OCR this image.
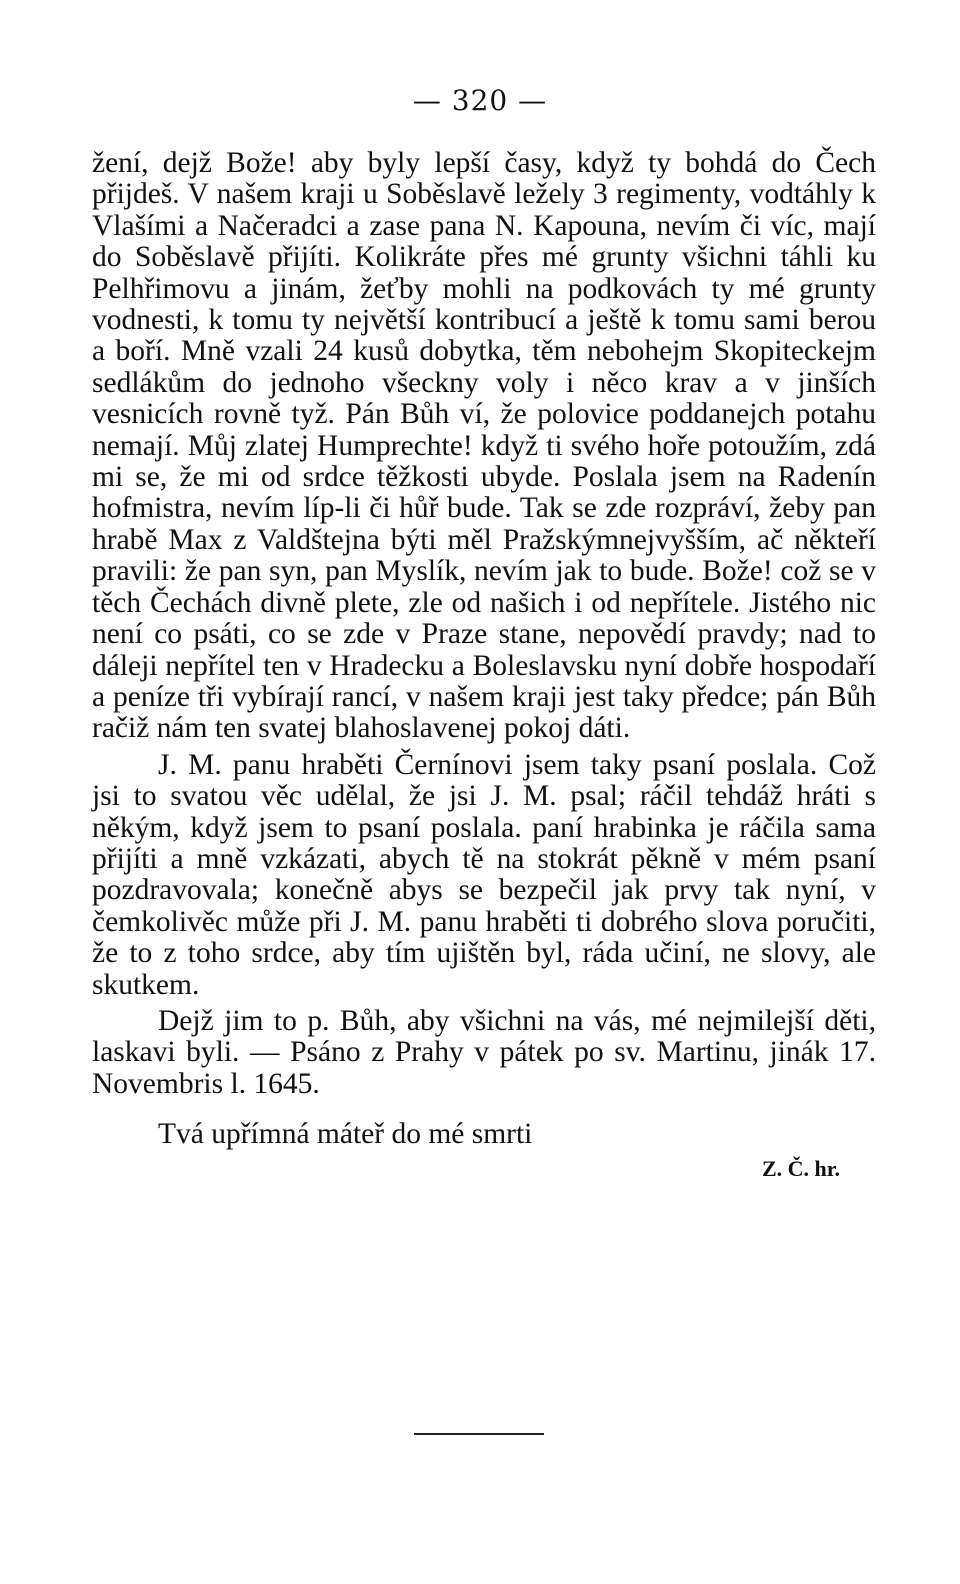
— 320 —

žení, dejž Bože! aby byly lepší časy, když ty bohdá do Čech přijdeš. V našem kraji u Soběslavě ležely 3 regimenty, vodtáhly k Vlašími a Načeradci a zase pana N. Kapouna, nevím či víc, mají do Soběslavě přijíti. Kolikráte přes mé grunty všichni táhli ku Pelhřimovu a jinám, žeťby mohli na podkovách ty mé grunty vodnesti, k tomu ty největší kontribucí a ještě k tomu sami berou a boří. Mně vzali 24 kusů dobytka, těm nebohejm Skopiteckejm sedlákům do jednoho všeckny voly i něco krav a v jinších vesnicích rovně tyž. Pán Bůh ví, že polovice poddanejch potahu nemají. Můj zlatej Humprechte! když ti svého hoře potoužím, zdá mi se, že mi od srdce těžkosti ubyde. Poslala jsem na Radenín hofmistra, nevím líp-li či hůř bude. Tak se zde rozpráví, žeby pan hrabě Max z Valdštejna býti měl Pražskýmnejvyšším, ač někteří pravili: že pan syn, pan Myslík, nevím jak to bude. Bože! což se v těch Čechách divně plete, zle od našich i od nepřítele. Jistého nic není co psáti, co se zde v Praze stane, nepovědí pravdy; nad to dáleji nepřítel ten v Hradecku a Boleslavsku nyní dobře hospodaří a peníze tři vybírají rancí, v našem kraji jest taky předce; pán Bůh račiž nám ten svatej blahoslavenej pokoj dáti.

J. M. panu hraběti Černínovi jsem taky psaní poslala. Což jsi to svatou věc udělal, že jsi J. M. psal; ráčil tehdáž hráti s někým, když jsem to psaní poslala. paní hrabinka je ráčila sama přijíti a mně vzkázati, abych tě na stokrát pěkně v mém psaní pozdravovala; konečně abys se bezpečil jak prvy tak nyní, v čemkolivěc může při J. M. panu hraběti ti dobrého slova poručiti, že to z toho srdce, aby tím ujištěn byl, ráda učiní, ne slovy, ale skutkem.

Dejž jim to p. Bůh, aby všichni na vás, mé nejmilejší děti, laskavi byli. — Psáno z Prahy v pátek po sv. Martinu, jinák 17. Novembris l. 1645.

Tvá upřímná máteř do mé smrti
Z. Č. hr.
